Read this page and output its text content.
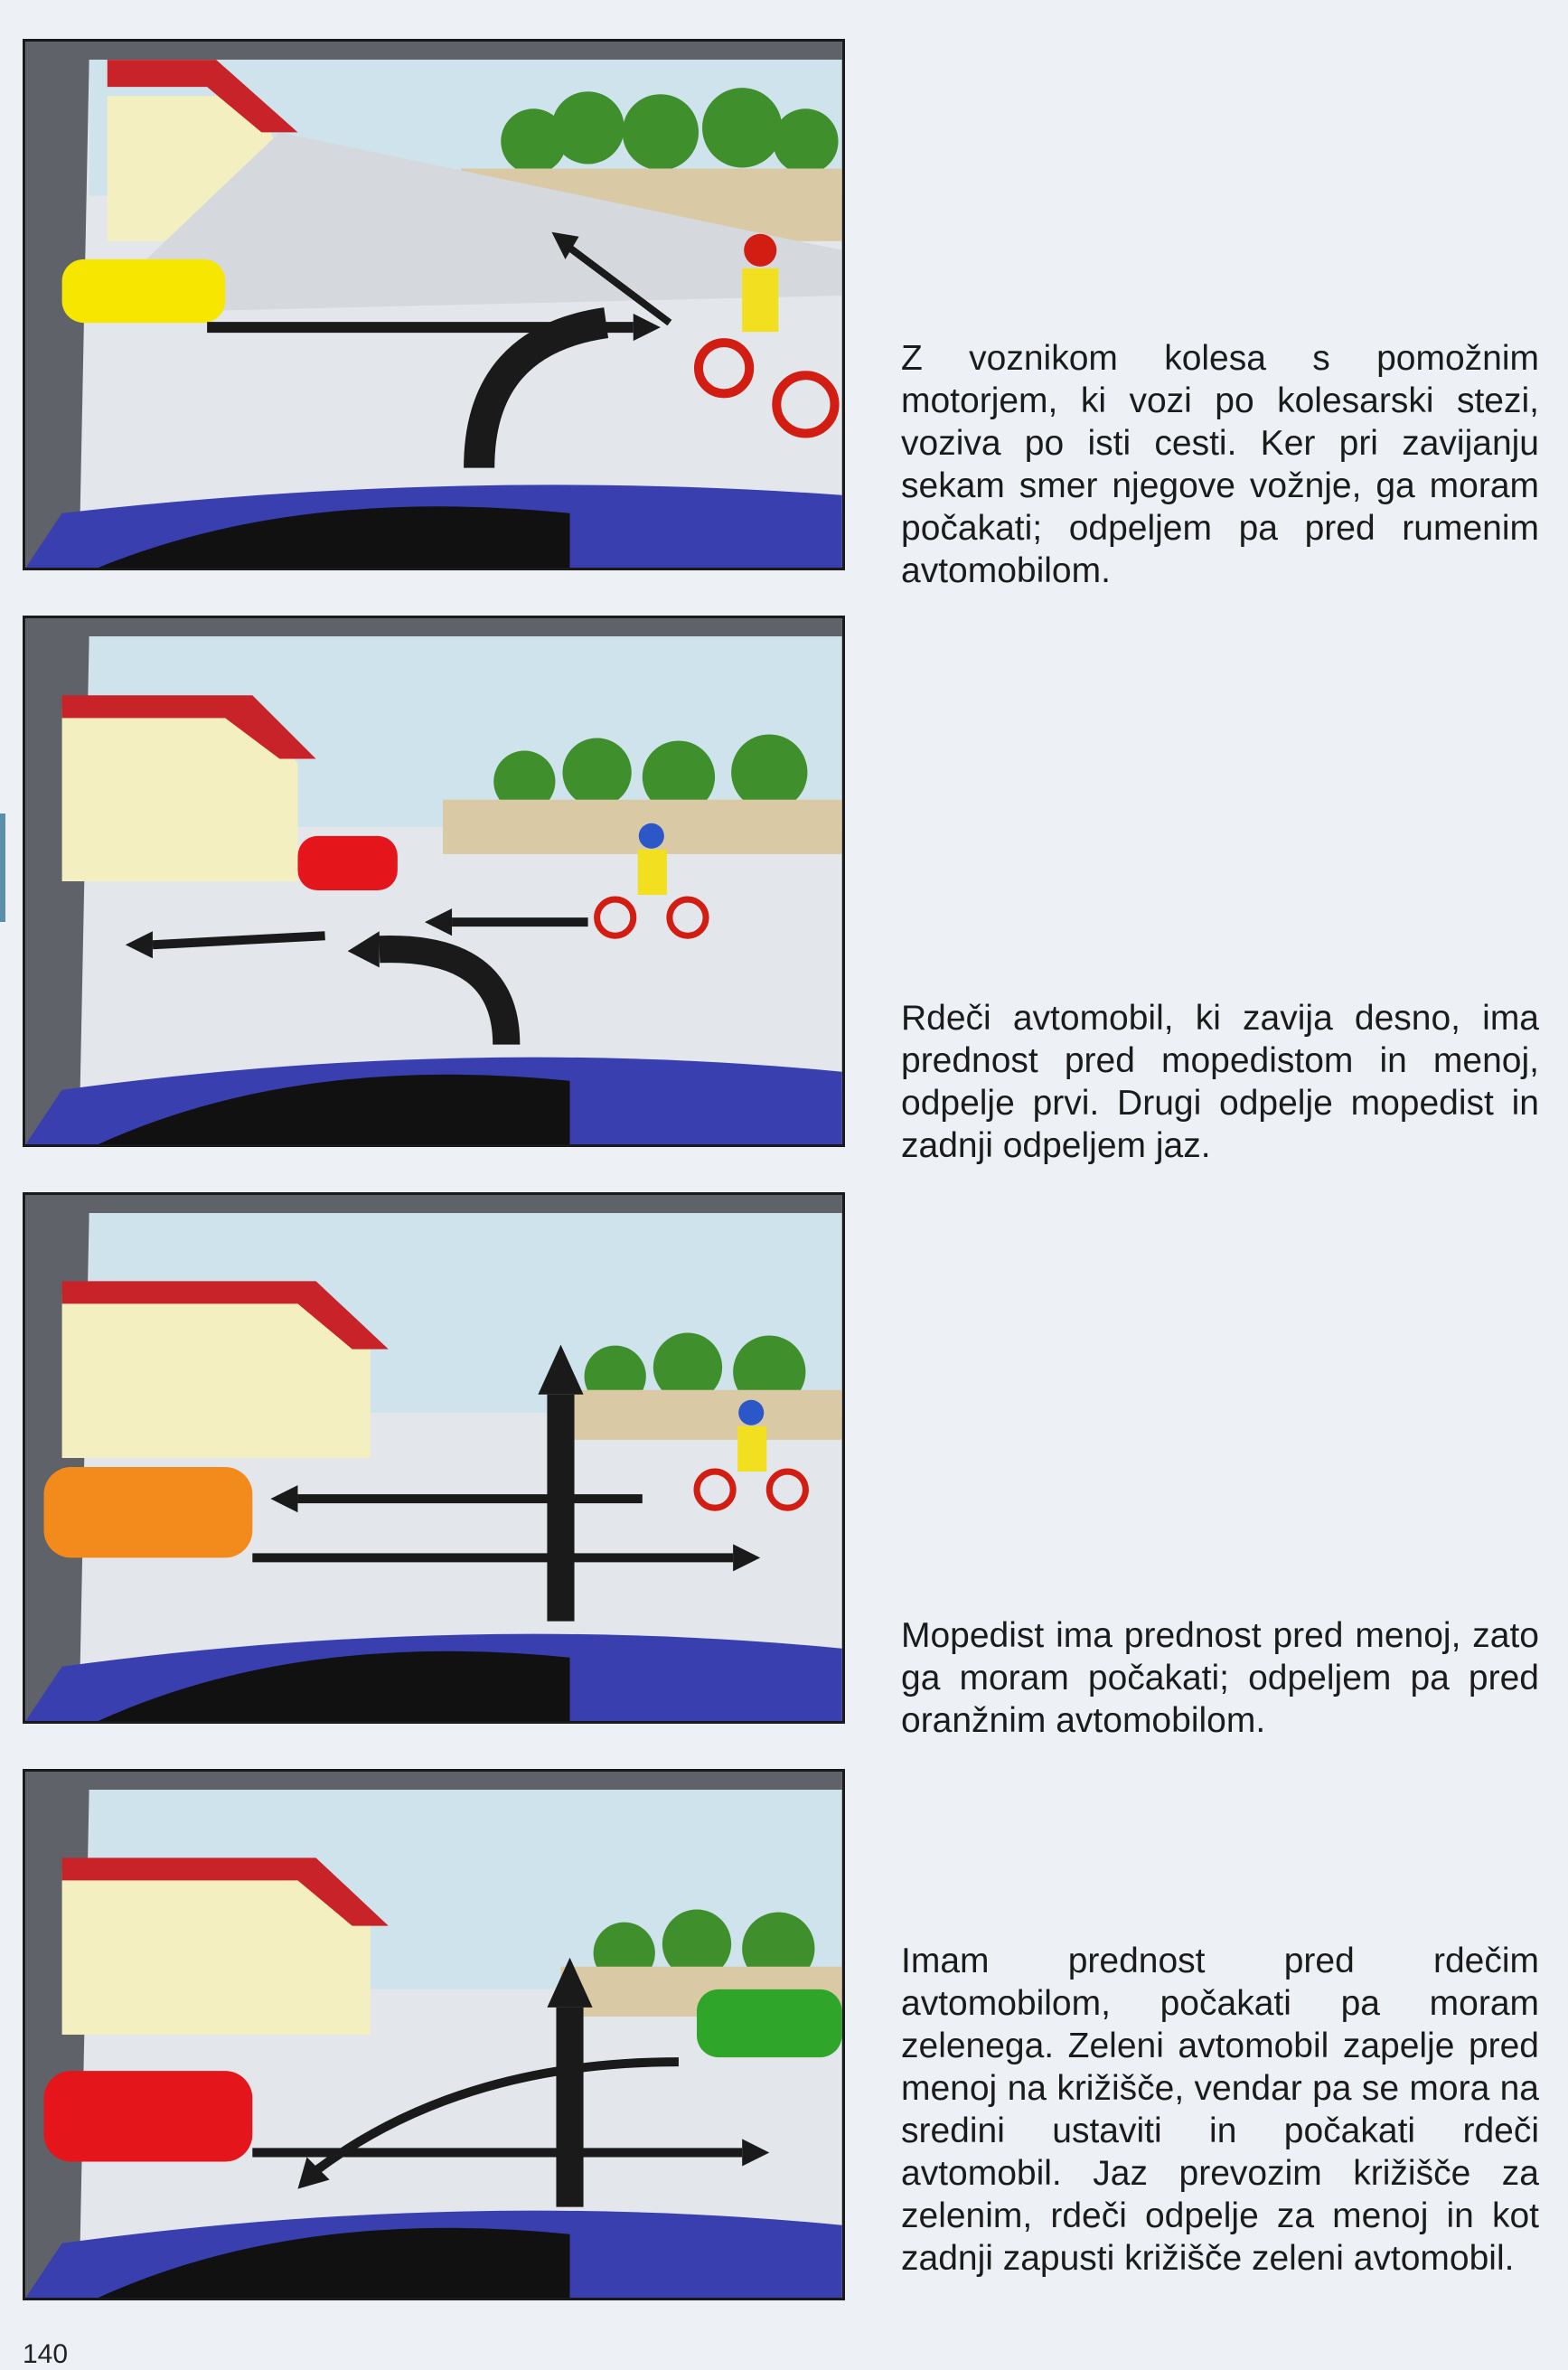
Z voznikom kolesa s pomožnim motorjem, ki vozi po kolesarski stezi, voziva po isti cesti. Ker pri zavijanju sekam smer njegove vožnje, ga moram počakati; odpeljem pa pred rumenim avtomobilom.
Rdeči avtomobil, ki zavija desno, ima prednost pred mopedistom in menoj, odpelje prvi. Drugi odpelje mopedist in zadnji odpeljem jaz.
Mopedist ima prednost pred menoj, zato ga moram počakati; odpeljem pa pred oranžnim avtomobilom.
Imam prednost pred rdečim avtomobilom, počakati pa moram zelenega. Zeleni avtomobil zapelje pred menoj na križišče, vendar pa se mora na sredini ustaviti in počakati rdeči avtomobil. Jaz prevozim križišče za zelenim, rdeči odpelje za menoj in kot zadnji zapusti križišče zeleni avtomobil.
140
